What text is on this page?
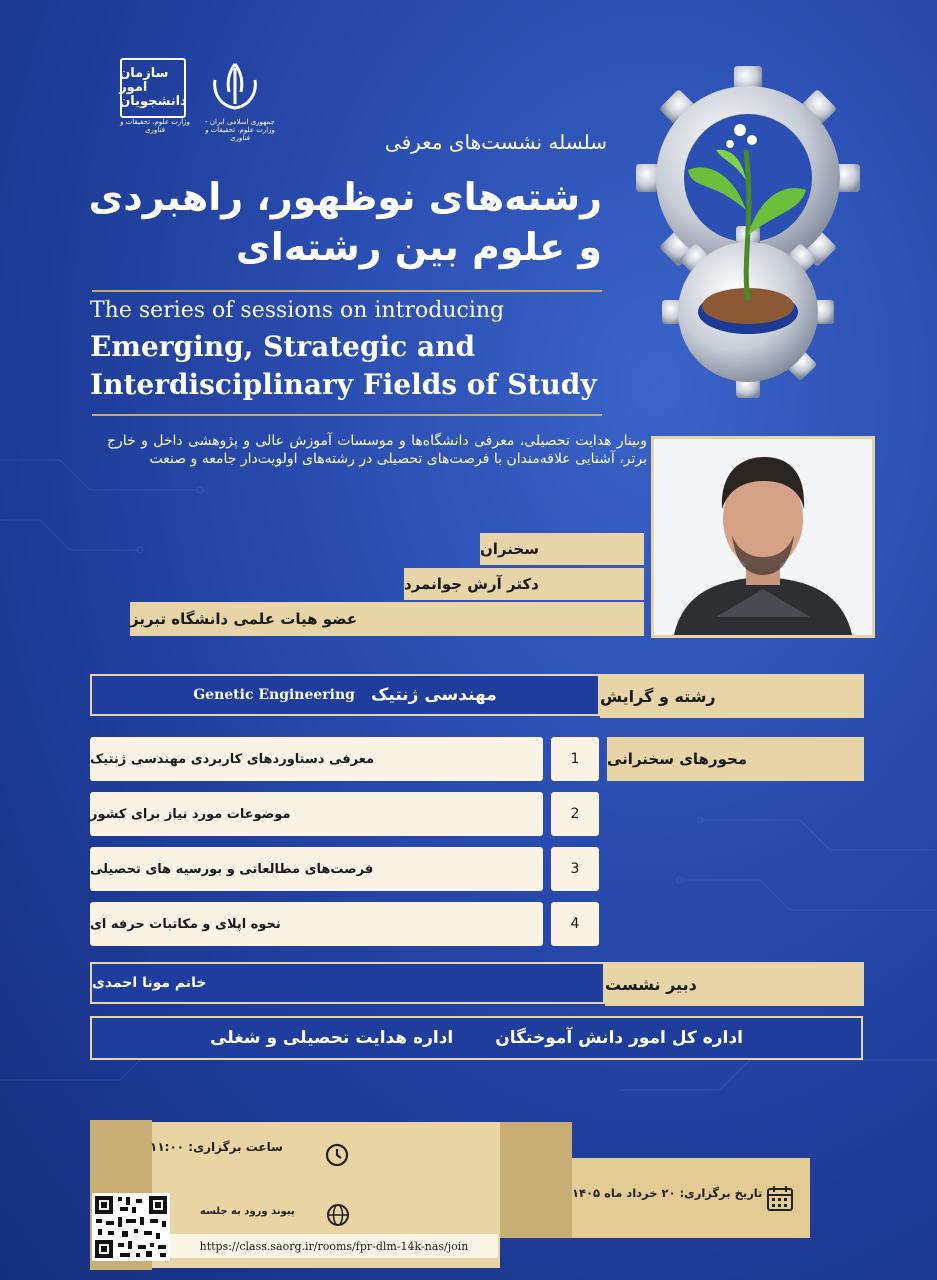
سازمان امور دانشجویان
وزارت علوم، تحقیقات و فناوری
جمهوری اسلامی ایران - وزارت علوم، تحقیقات و فناوری	سلسله نشست‌های معرفی
رشته‌های نوظهور، راهبردی
و علوم بین رشته‌ای
The series of sessions on introducing
Emerging, Strategic and
Interdisciplinary Fields of Study
وبینار هدایت تحصیلی، معرفی دانشگاه‌ها و موسسات آموزش عالی و پژوهشی داخل و خارج برتر، آشنایی علاقه‌مندان با فرصت‌های تحصیلی در رشته‌های اولویت‌دار جامعه و صنعت
سخنران
دکتر آرش جوانمرد
عضو هیات علمی دانشگاه تبریز
Genetic Engineering مهندسی ژنتیک	رشته و گرایش
محورهای سخنرانی
معرفی دستاوردهای کاربردی مهندسی ژنتیک	1
موضوعات مورد نیاز برای کشور	2
فرصت‌های مطالعاتی و بورسیه های تحصیلی	3
نحوه اپلای و مکاتبات حرفه ای	4
خانم مونا احمدی	دبیر نشست
اداره کل امور دانش آموختگان
اداره هدایت تحصیلی و شغلی
ساعت برگزاری: ۱۱:۰۰
پیوند ورود به جلسه
https://class.saorg.ir/rooms/fpr-dlm-14k-nas/join
تاریخ برگزاری: ۲۰ خرداد ماه ۱۴۰۵
